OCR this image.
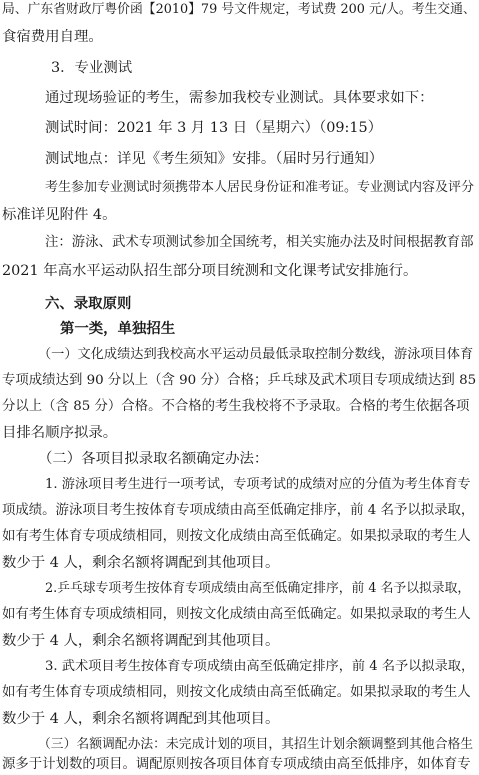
局、广东省财政厅粤价函【2010】79 号文件规定，考试费 200 元/人。考生交通、
食宿费用自理。
3．专业测试
通过现场验证的考生，需参加我校专业测试。具体要求如下：
测试时间：2021 年 3 月 13 日（星期六）（09:15）
测试地点：详见《考生须知》安排。（届时另行通知）
考生参加专业测试时须携带本人居民身份证和准考证。专业测试内容及评分
标准详见附件 4。
注：游泳、武术专项测试参加全国统考，相关实施办法及时间根据教育部
2021 年高水平运动队招生部分项目统测和文化课考试安排施行。
六、录取原则
第一类，单独招生
（一）文化成绩达到我校高水平运动员最低录取控制分数线，游泳项目体育
专项成绩达到 90 分以上（含 90 分）合格；乒乓球及武术项目专项成绩达到 85
分以上（含 85 分）合格。不合格的考生我校将不予录取。合格的考生依据各项
目排名顺序拟录。
（二）各项目拟录取名额确定办法：
1. 游泳项目考生进行一项考试，专项考试的成绩对应的分值为考生体育专
项成绩。游泳项目考生按体育专项成绩由高至低确定排序，前 4 名予以拟录取，
如有考生体育专项成绩相同，则按文化成绩由高至低确定。如果拟录取的考生人
数少于 4 人，剩余名额将调配到其他项目。
2.乒乓球专项考生按体育专项成绩由高至低确定排序，前 4 名予以拟录取，
如有考生体育专项成绩相同，则按文化成绩由高至低确定。如果拟录取的考生人
数少于 4 人，剩余名额将调配到其他项目。
3. 武术项目考生按体育专项成绩由高至低确定排序，前 4 名予以拟录取，
如有考生体育专项成绩相同，则按文化成绩由高至低确定。如果拟录取的考生人
数少于 4 人，剩余名额将调配到其他项目。
（三）名额调配办法：未完成计划的项目，其招生计划余额调整到其他合格生
源多于计划数的项目。调配原则按各项目体育专项成绩由高至低排序，如体育专
